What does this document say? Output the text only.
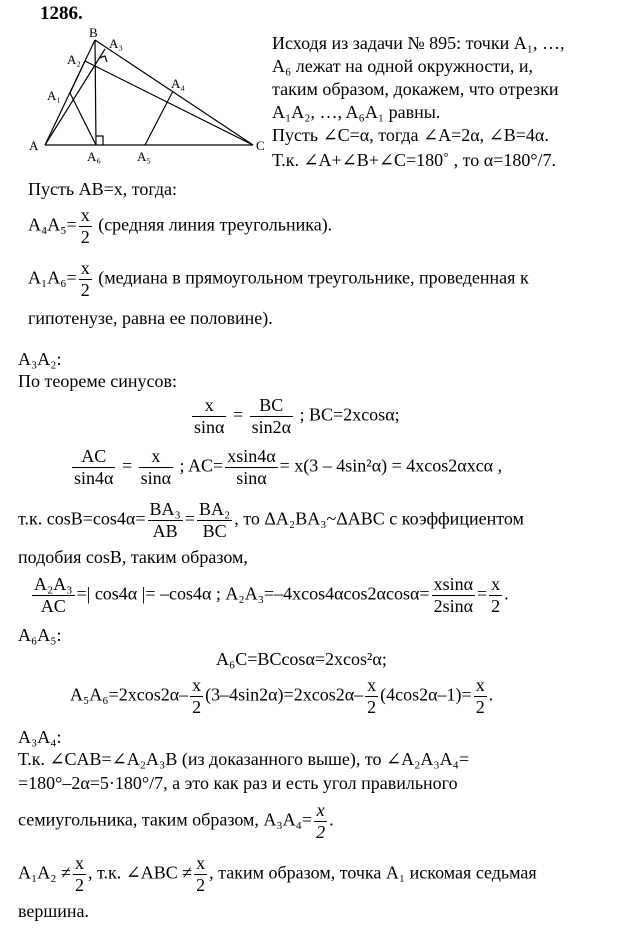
1286.
A
B
C
A₁
A₂
A₃
A₄
A₅
A₆
Исходя из задачи № 895: точки A₁, …,
A₆ лежат на одной окружности, и,
таким образом, докажем, что отрезки
A₁A₂, …, A₆A₁ равны.
Пусть ∠C=α, тогда ∠A=2α, ∠B=4α.
Т.к. ∠A+∠B+∠C=180˚ , то α=180°/7.
Пусть AB=x, тогда:
$A_4A_5= \frac{x}{2}$ (средняя линия треугольника).
$A_1A_6= \frac{x}{2}$ (медиана в прямоугольном треугольнике, проведенная к
гипотенузе, равна ее половине).
A₃A₂:
По теореме синусов:
$\frac{x}{\sin\alpha} = \frac{BC}{\sin 2\alpha}$ ; BC=2xcosα;
$\frac{AC}{\sin 4\alpha} = \frac{x}{\sin\alpha}$ ; $AC= \frac{xsin4\alpha}{\sin\alpha} = x(3 - 4\sin^2\alpha) = 4xcos2\alpha xc\alpha$ ,
т.к. $\cos B=\cos 4\alpha= \frac{\text{BA₃}}{AB} = \frac{\text{BA₂}}{BC}$ , то ΔA₂BA₃~ΔABC с коэффициентом
подобия cosB, таким образом,
$\frac{\text{A₂A₃}}{AC}$ =| cos4α |= –cos4α ; $A_2A_3=-4xcos4\alpha\cos 2\alpha\cos\alpha= \frac{xsin\alpha}{2\sin\alpha} = \frac{x}{2}$ .
A₆A₅:
A₆C=BCcosα=2xcos²α;
$A_5A_6=2xcos2\alpha- \frac{x}{2} (3-4\sin 2\alpha)=2xcos2\alpha- \frac{x}{2} (4\cos 2\alpha-1)= \frac{x}{2}$ .
A₃A₄:
Т.к. ∠CAB=∠A₂A₃B (из доказанного выше), то ∠A₂A₃A₄=
=180°–2α=5·180°/7, а это как раз и есть угол правильного
семиугольника, таким образом, $A_3A_4= \frac{x}{2}$ .
$A_1A_2 \ne \frac{x}{2}$ , т.к. ∠ABC ≠ $\frac{x}{2}$ , таким образом, точка A₁ искомая седьмая
вершина.
